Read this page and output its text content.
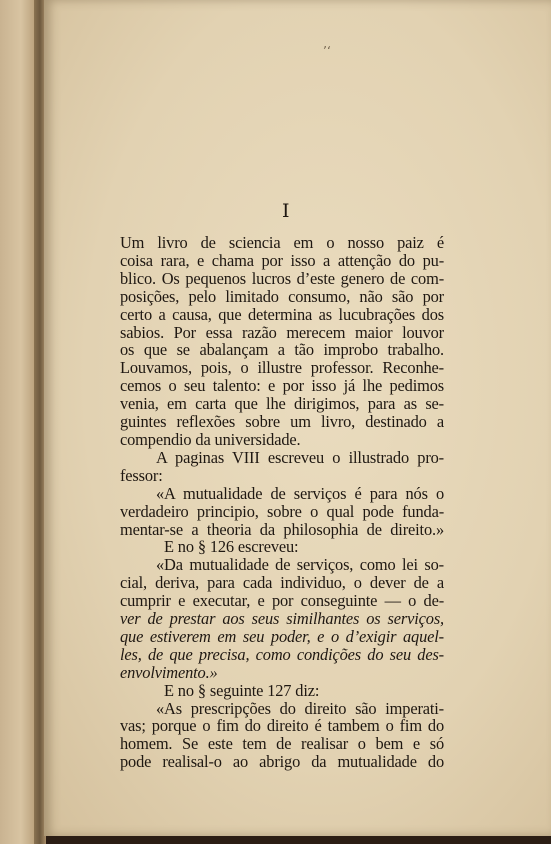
’‘
I
Um livro de sciencia em o nosso paiz é
coisa rara, e chama por isso a attenção do pu-
blico. Os pequenos lucros d’este genero de com-
posições, pelo limitado consumo, não são por
certo a causa, que determina as lucubrações dos
sabios. Por essa razão merecem maior louvor
os que se abalançam a tão improbo trabalho.
Louvamos, pois, o illustre professor. Reconhe-
cemos o seu talento: e por isso já lhe pedimos
venia, em carta que lhe dirigimos, para as se-
guintes reflexões sobre um livro, destinado a
compendio da universidade.
A paginas VIII escreveu o illustrado pro-
fessor:
«A mutualidade de serviços é para nós o
verdadeiro principio, sobre o qual pode funda-
mentar-se a theoria da philosophia de direito.»
E no § 126 escreveu:
«Da mutualidade de serviços, como lei so-
cial, deriva, para cada individuo, o dever de a
cumprir e executar, e por conseguinte — o de-
ver de prestar aos seus similhantes os serviços,
que estiverem em seu poder, e o d’exigir aquel-
les, de que precisa, como condições do seu des-
envolvimento.»
E no § seguinte 127 diz:
«As prescripções do direito são imperati-
vas; porque o fim do direito é tambem o fim do
homem. Se este tem de realisar o bem e só
pode realisal-o ao abrigo da mutualidade do
